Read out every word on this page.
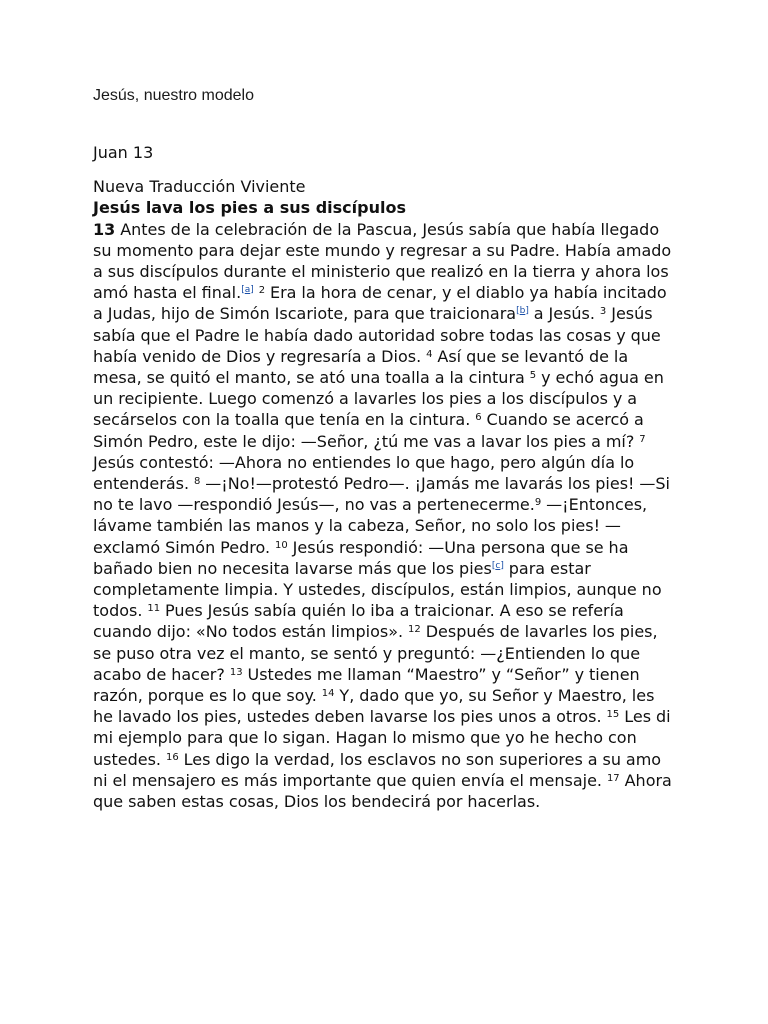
Jesús, nuestro modelo

Juan 13

Nueva Traducción Viviente

Jesús lava los pies a sus discípulos

13 Antes de la celebración de la Pascua, Jesús sabía que había llegado su momento para dejar este mundo y regresar a su Padre. Había amado a sus discípulos durante el ministerio que realizó en la tierra y ahora los amó hasta el final.[a] $^2$ Era la hora de cenar, y el diablo ya había incitado a Judas, hijo de Simón Iscariote, para que traicionara[b] a Jesús. $^3$ Jesús sabía que el Padre le había dado autoridad sobre todas las cosas y que había venido de Dios y regresaría a Dios. $^4$ Así que se levantó de la mesa, se quitó el manto, se ató una toalla a la cintura $^5$ y echó agua en un recipiente. Luego comenzó a lavarles los pies a los discípulos y a secárselos con la toalla que tenía en la cintura. $^6$ Cuando se acercó a Simón Pedro, este le dijo: —Señor, ¿tú me vas a lavar los pies a mí? $^7$ Jesús contestó: —Ahora no entiendes lo que hago, pero algún día lo entenderás. $^8$ —¡No!—protestó Pedro—. ¡Jamás me lavarás los pies! —Si no te lavo —respondió Jesús—, no vas a pertenecerme.$^9$ —¡Entonces, lávame también las manos y la cabeza, Señor, no solo los pies! —exclamó Simón Pedro. $^{10}$ Jesús respondió: —Una persona que se ha bañado bien no necesita lavarse más que los pies[c] para estar completamente limpia. Y ustedes, discípulos, están limpios, aunque no todos. $^{11}$ Pues Jesús sabía quién lo iba a traicionar. A eso se refería cuando dijo: «No todos están limpios». $^{12}$ Después de lavarles los pies, se puso otra vez el manto, se sentó y preguntó: —¿Entienden lo que acabo de hacer? $^{13}$ Ustedes me llaman “Maestro” y “Señor” y tienen razón, porque es lo que soy. $^{14}$ Y, dado que yo, su Señor y Maestro, les he lavado los pies, ustedes deben lavarse los pies unos a otros. $^{15}$ Les di mi ejemplo para que lo sigan. Hagan lo mismo que yo he hecho con ustedes. $^{16}$ Les digo la verdad, los esclavos no son superiores a su amo ni el mensajero es más importante que quien envía el mensaje. $^{17}$ Ahora que saben estas cosas, Dios los bendecirá por hacerlas.
